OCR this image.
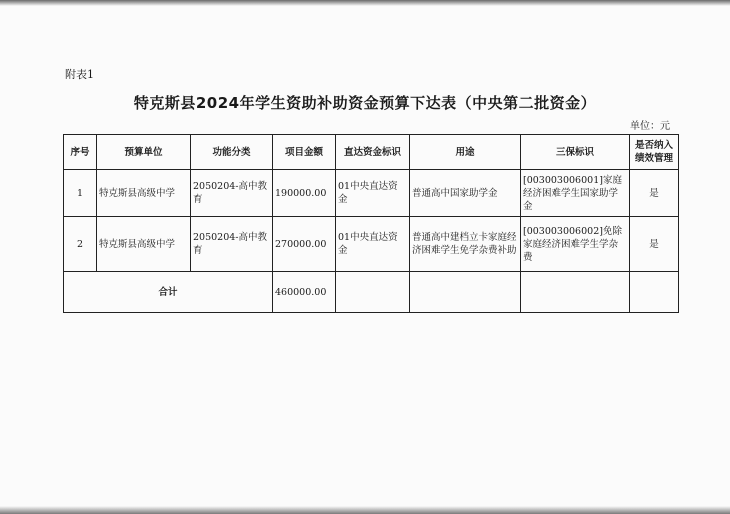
附表1
特克斯县2024年学生资助补助资金预算下达表（中央第二批资金）
单位：元
序号	预算单位	功能分类	项目金额	直达资金标识	用途	三保标识	是否纳入绩效管理
1	特克斯县高级中学	2050204-高中教育	190000.00	01中央直达资金	普通高中国家助学金	[003003006001]家庭经济困难学生国家助学金	是
2	特克斯县高级中学	2050204-高中教育	270000.00	01中央直达资金	普通高中建档立卡家庭经济困难学生免学杂费补助	[003003006002]免除家庭经济困难学生学杂费	是
合计			460000.00				
